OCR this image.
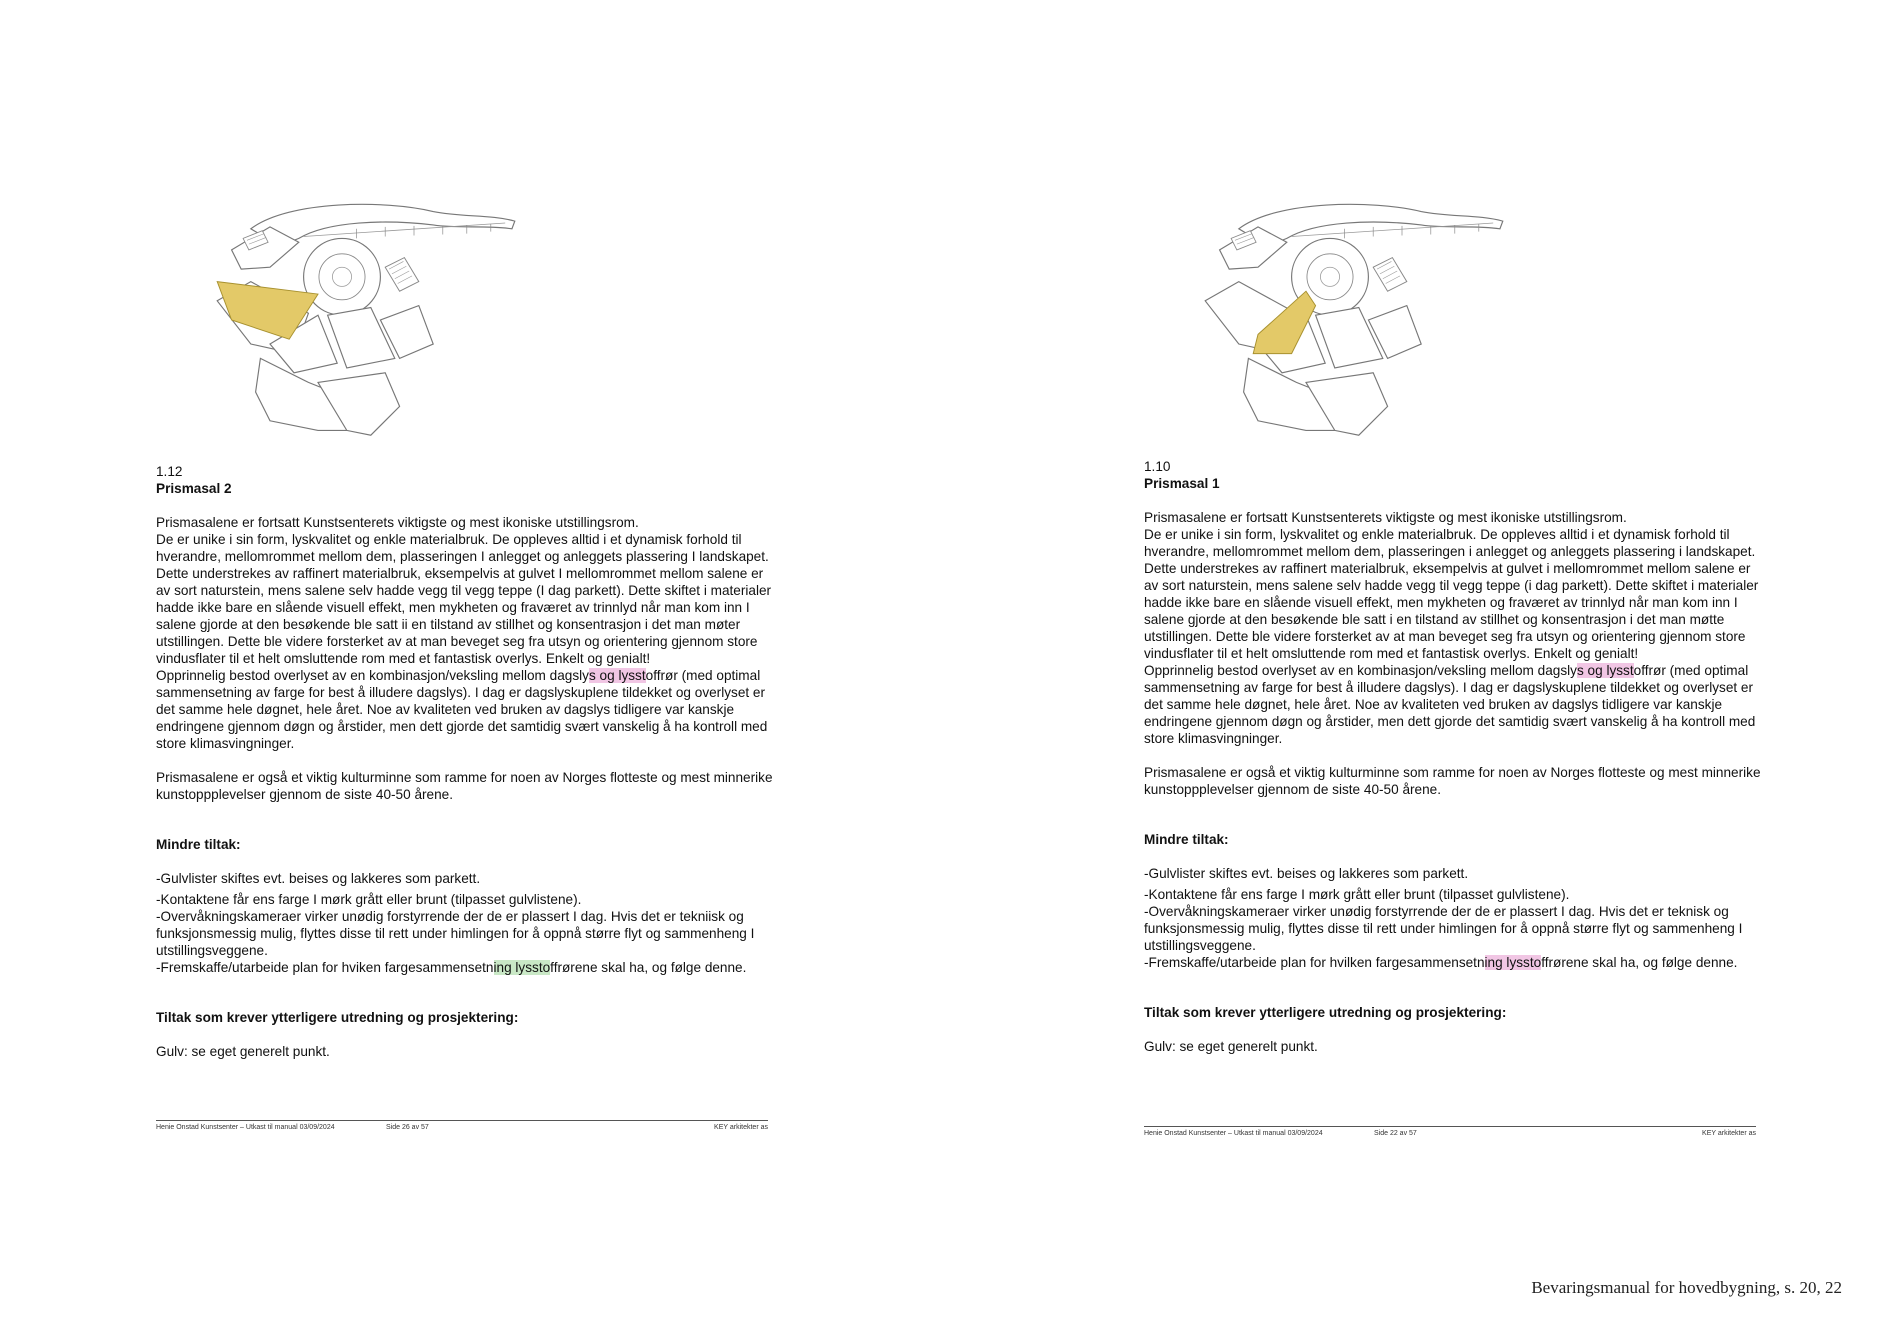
1.12

Prismasal 2

Prismasalene er fortsatt Kunstsenterets viktigste og mest ikoniske utstillingsrom.

De er unike i sin form, lyskvalitet og enkle materialbruk. De oppleves alltid i et dynamisk forhold til hverandre, mellomrommet mellom dem, plasseringen I anlegget og anleggets plassering I landskapet. Dette understrekes av raffinert materialbruk, eksempelvis at gulvet I mellomrommet mellom salene er av sort naturstein, mens salene selv hadde vegg til vegg teppe (I dag parkett). Dette skiftet i materialer hadde ikke bare en slående visuell effekt, men mykheten og fraværet av trinnlyd når man kom inn I salene gjorde at den besøkende ble satt ii en tilstand av stillhet og konsentrasjon i det man møter utstillingen. Dette ble videre forsterket av at man beveget seg fra utsyn og orientering gjennom store vindusflater til et helt omsluttende rom med et fantastisk overlys. Enkelt og genialt!

Opprinnelig bestod overlyset av en kombinasjon/veksling mellom dagslys og lysstoffrør (med optimal sammensetning av farge for best å illudere dagslys). I dag er dagslyskuplene tildekket og overlyset er det samme hele døgnet, hele året. Noe av kvaliteten ved bruken av dagslys tidligere var kanskje endringene gjennom døgn og årstider, men dett gjorde det samtidig svært vanskelig å ha kontroll med store klimasvingninger.

Prismasalene er også et viktig kulturminne som ramme for noen av Norges flotteste og mest minnerike kunstoppplevelser gjennom de siste 40-50 årene.

Mindre tiltak:

-Gulvlister skiftes evt. beises og lakkeres som parkett.

-Kontaktene får ens farge I mørk grått eller brunt (tilpasset gulvlistene).

-Overvåkningskameraer virker unødig forstyrrende der de er plassert I dag. Hvis det er tekniisk og funksjonsmessig mulig, flyttes disse til rett under himlingen for å oppnå større flyt og sammenheng I utstillingsveggene.

-Fremskaffe/utarbeide plan for hviken fargesammensetning lysstoffrørene skal ha, og følge denne.

Tiltak som krever ytterligere utredning og prosjektering:

Gulv: se eget generelt punkt.

Henie Onstad Kunstsenter – Utkast til manual 03/09/2024	Side 26 av 57	KEY arkitekter as

1.10

Prismasal 1

Prismasalene er fortsatt Kunstsenterets viktigste og mest ikoniske utstillingsrom.

De er unike i sin form, lyskvalitet og enkle materialbruk. De oppleves alltid i et dynamisk forhold til hverandre, mellomrommet mellom dem, plasseringen i anlegget og anleggets plassering i landskapet. Dette understrekes av raffinert materialbruk, eksempelvis at gulvet i mellomrommet mellom salene er av sort naturstein, mens salene selv hadde vegg til vegg teppe (i dag parkett). Dette skiftet i materialer hadde ikke bare en slående visuell effekt, men mykheten og fraværet av trinnlyd når man kom inn I salene gjorde at den besøkende ble satt i en tilstand av stillhet og konsentrasjon i det man møtte utstillingen. Dette ble videre forsterket av at man beveget seg fra utsyn og orientering gjennom store vindusflater til et helt omsluttende rom med et fantastisk overlys. Enkelt og genialt!

Opprinnelig bestod overlyset av en kombinasjon/veksling mellom dagslys og lysstoffrør (med optimal sammensetning av farge for best å illudere dagslys). I dag er dagslyskuplene tildekket og overlyset er det samme hele døgnet, hele året. Noe av kvaliteten ved bruken av dagslys tidligere var kanskje endringene gjennom døgn og årstider, men dett gjorde det samtidig svært vanskelig å ha kontroll med store klimasvingninger.

Prismasalene er også et viktig kulturminne som ramme for noen av Norges flotteste og mest minnerike kunstoppplevelser gjennom de siste 40-50 årene.

Mindre tiltak:

-Gulvlister skiftes evt. beises og lakkeres som parkett.

-Kontaktene får ens farge I mørk grått eller brunt (tilpasset gulvlistene).

-Overvåkningskameraer virker unødig forstyrrende der de er plassert I dag. Hvis det er teknisk og funksjonsmessig mulig, flyttes disse til rett under himlingen for å oppnå større flyt og sammenheng I utstillingsveggene.

-Fremskaffe/utarbeide plan for hvilken fargesammensetning lysstoffrørene skal ha, og følge denne.

Tiltak som krever ytterligere utredning og prosjektering:

Gulv: se eget generelt punkt.

Henie Onstad Kunstsenter – Utkast til manual 03/09/2024	Side 22 av 57	KEY arkitekter as
Bevaringsmanual for hovedbygning, s. 20, 22
